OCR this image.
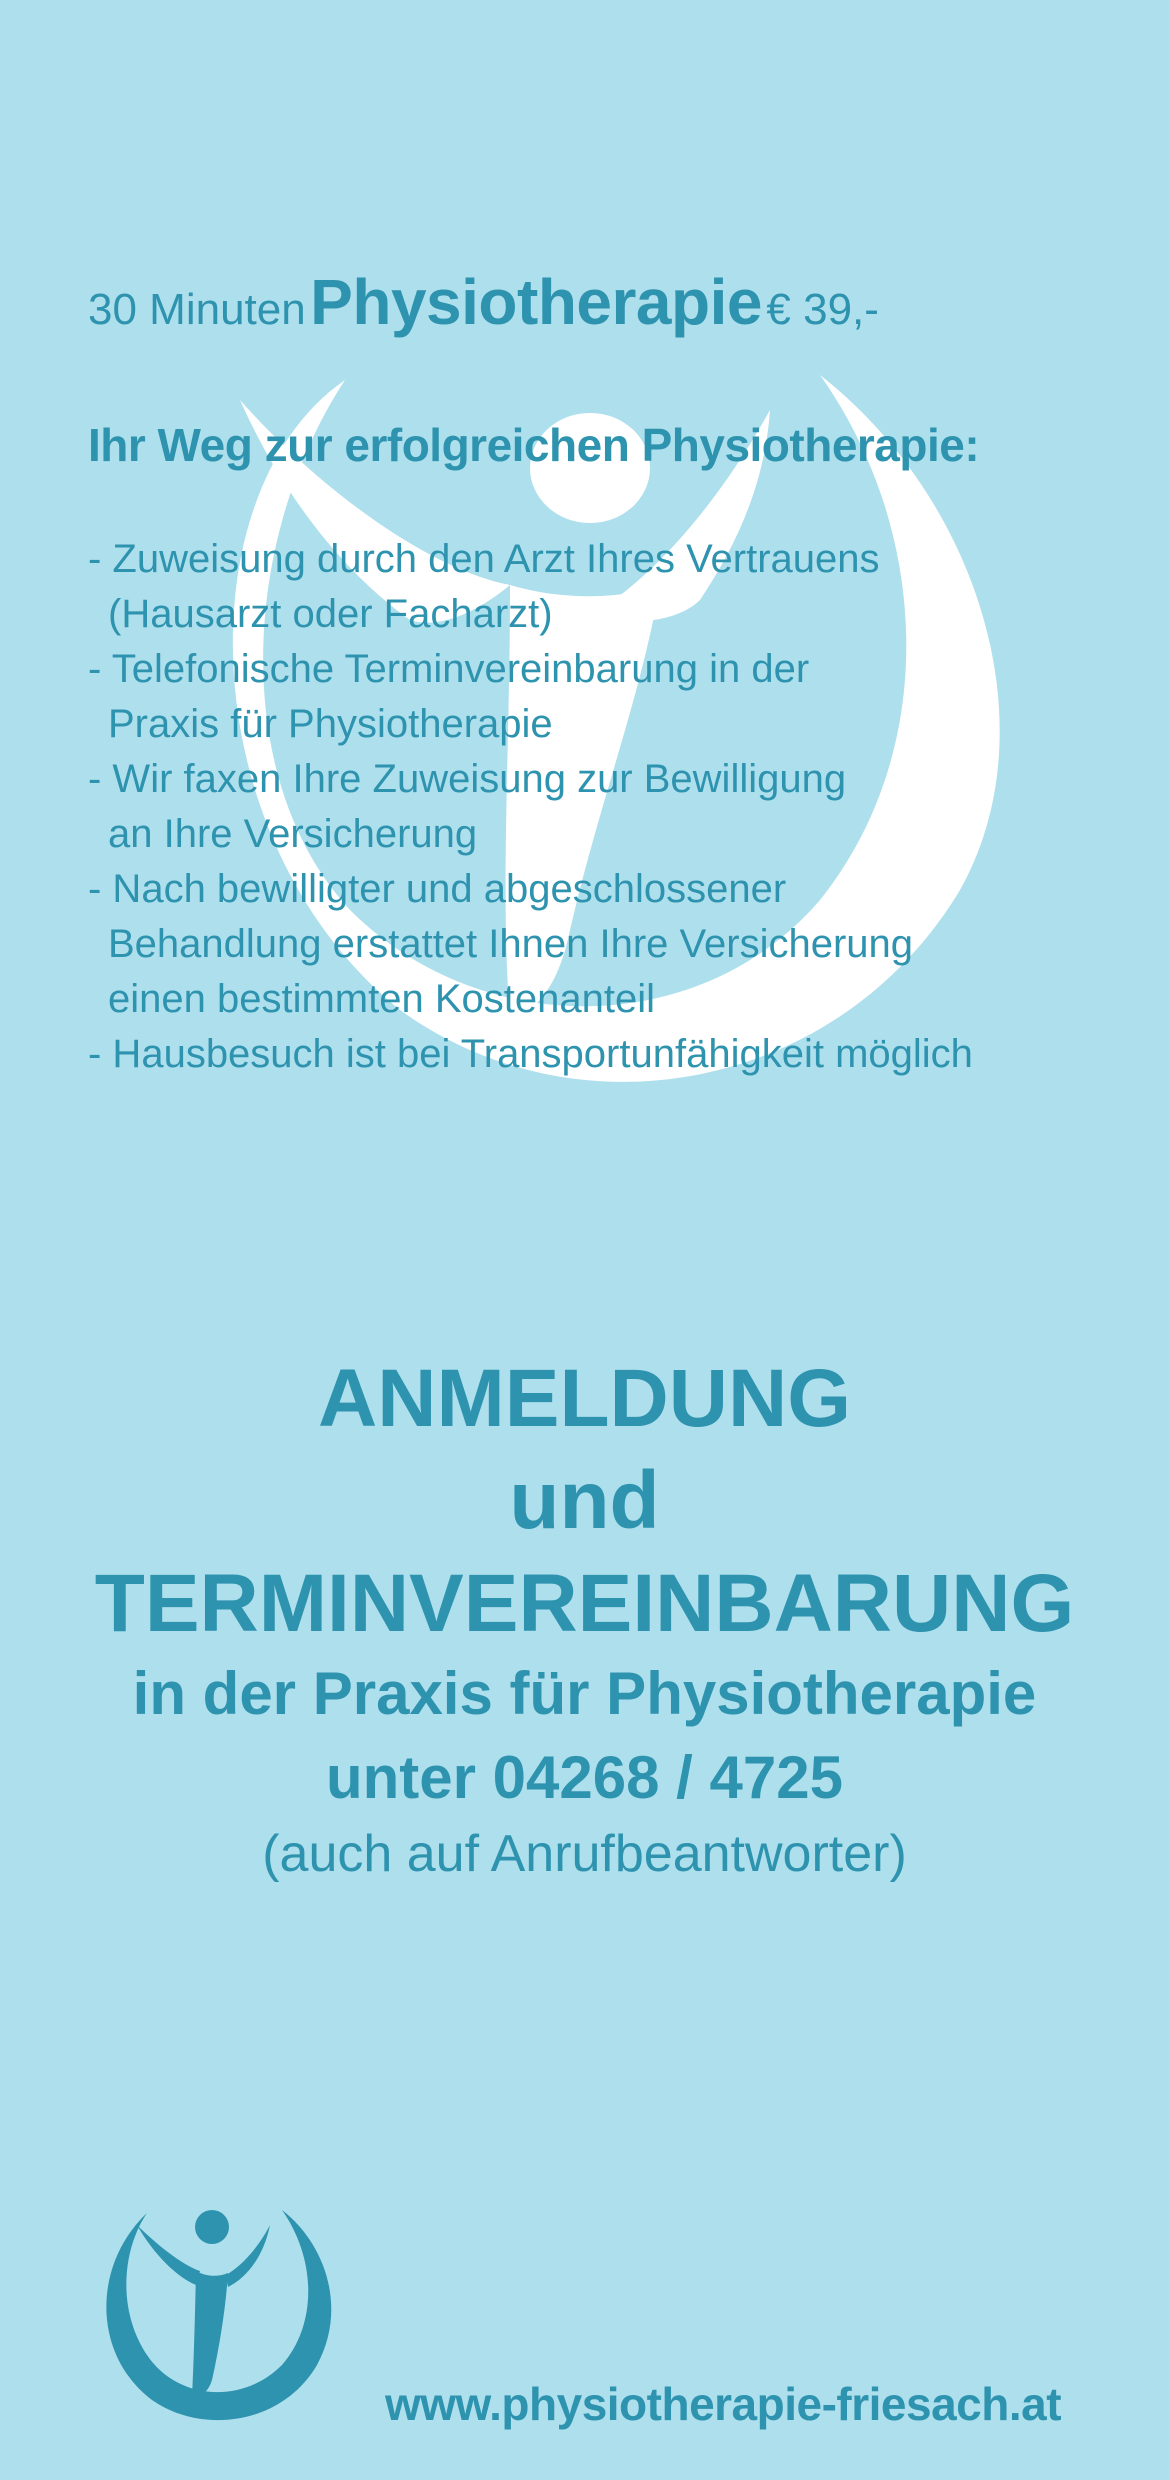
30 Minuten Physiotherapie € 39,-
Ihr Weg zur erfolgreichen Physiotherapie:
- Zuweisung durch den Arzt Ihres Vertrauens
(Hausarzt oder Facharzt)
- Telefonische Terminvereinbarung in der
Praxis für Physiotherapie
- Wir faxen Ihre Zuweisung zur Bewilligung
an Ihre Versicherung
- Nach bewilligter und abgeschlossener
Behandlung erstattet Ihnen Ihre Versicherung
einen bestimmten Kostenanteil
- Hausbesuch ist bei Transportunfähigkeit möglich
ANMELDUNG
und
TERMINVEREINBARUNG
in der Praxis für Physiotherapie
unter 04268 / 4725
(auch auf Anrufbeantworter)
www.physiotherapie-friesach.at
